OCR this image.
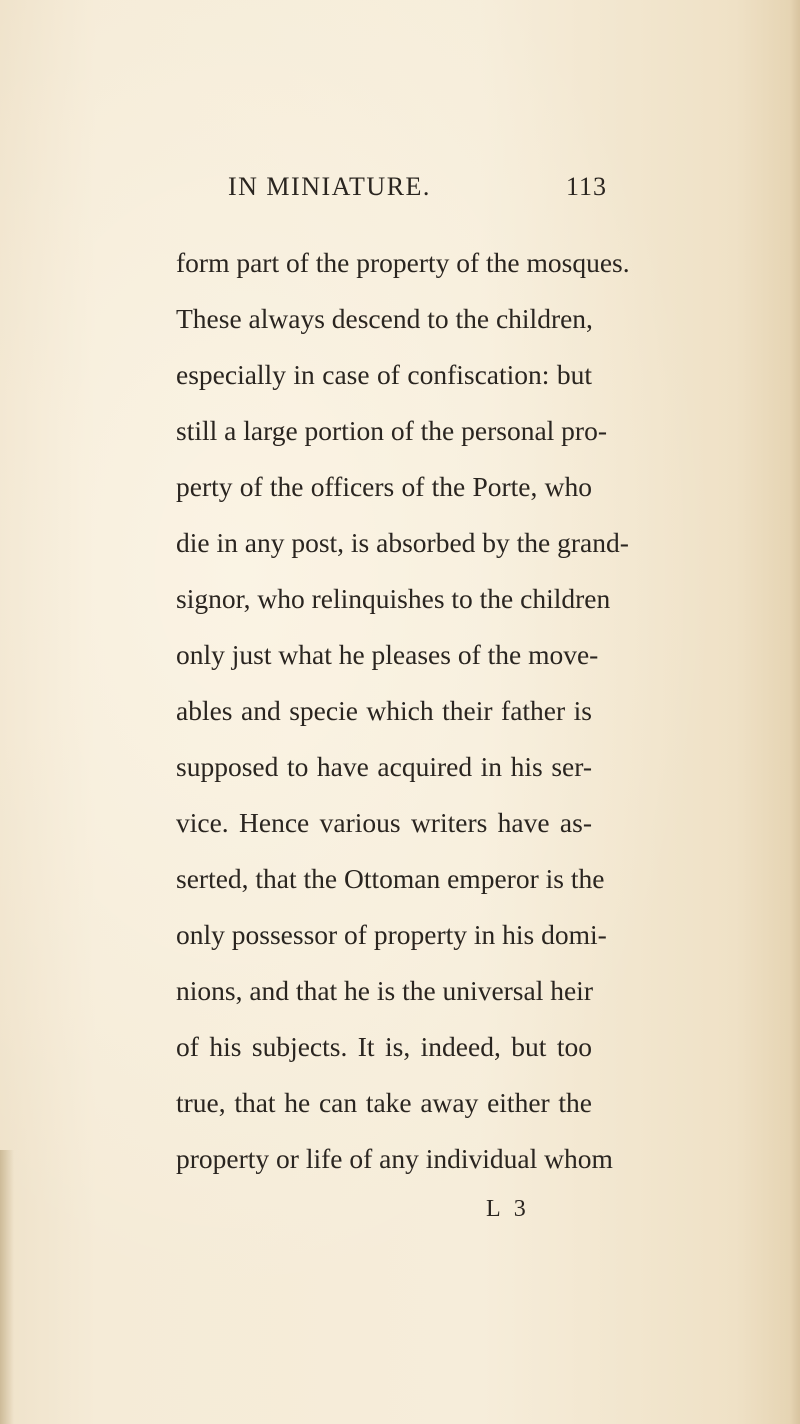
IN MINIATURE.	113
form part of the property of the mosques.
These always descend to the children,
especially in case of confiscation: but
still a large portion of the personal pro-
perty of the officers of the Porte, who
die in any post, is absorbed by the grand-
signor, who relinquishes to the children
only just what he pleases of the move-
ables and specie which their father is
supposed to have acquired in his ser-
vice. Hence various writers have as-
serted, that the Ottoman emperor is the
only possessor of property in his domi-
nions, and that he is the universal heir
of his subjects. It is, indeed, but too
true, that he can take away either the
property or life of any individual whom
L 3
